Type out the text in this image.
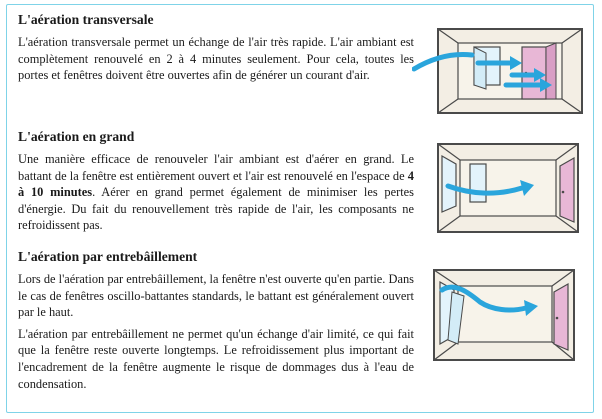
L'aération transversale

L'aération transversale permet un échange de l'air très rapide. L'air ambiant est complètement renouvelé en 2 à 4 minutes seulement. Pour cela, toutes les portes et fenêtres doivent être ouvertes afin de générer un courant d'air.

L'aération en grand

Une manière efficace de renouveler l'air ambiant est d'aérer en grand. Le battant de la fenêtre est entièrement ouvert et l'air est renouvelé en l'espace de 4 à 10 minutes. Aérer en grand permet également de minimiser les pertes d'énergie. Du fait du renouvellement très rapide de l'air, les composants ne refroidissent pas.

L'aération par entrebâillement

Lors de l'aération par entrebâillement, la fenêtre n'est ouverte qu'en partie. Dans le cas de fenêtres oscillo-battantes standards, le battant est généralement ouvert par le haut.

L'aération par entrebâillement ne permet qu'un échange d'air limité, ce qui fait que la fenêtre reste ouverte longtemps. Le refroidissement plus important de l'encadrement de la fenêtre augmente le risque de dommages dus à l'eau de condensation.
